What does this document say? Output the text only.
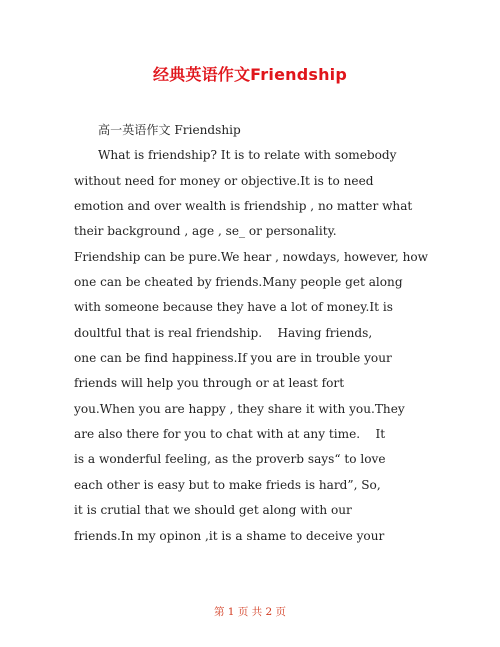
经典英语作文Friendship
高一英语作文 Friendship
What is friendship? It is to relate with somebody
without need for money or objective.It is to need
emotion and over wealth is friendship , no matter what
their background , age , se_ or personality.
Friendship can be pure.We hear , nowdays, however, how
one can be cheated by friends.Many people get along
with someone because they have a lot of money.It is
doultful that is real friendship.    Having friends,
one can be find happiness.If you are in trouble your
friends will help you through or at least fort
you.When you are happy , they share it with you.They
are also there for you to chat with at any time.    It
is a wonderful feeling, as the proverb says“ to love
each other is easy but to make frieds is hard”, So,
it is crutial that we should get along with our
friends.In my opinon ,it is a shame to deceive your
第 1 页 共 2 页
